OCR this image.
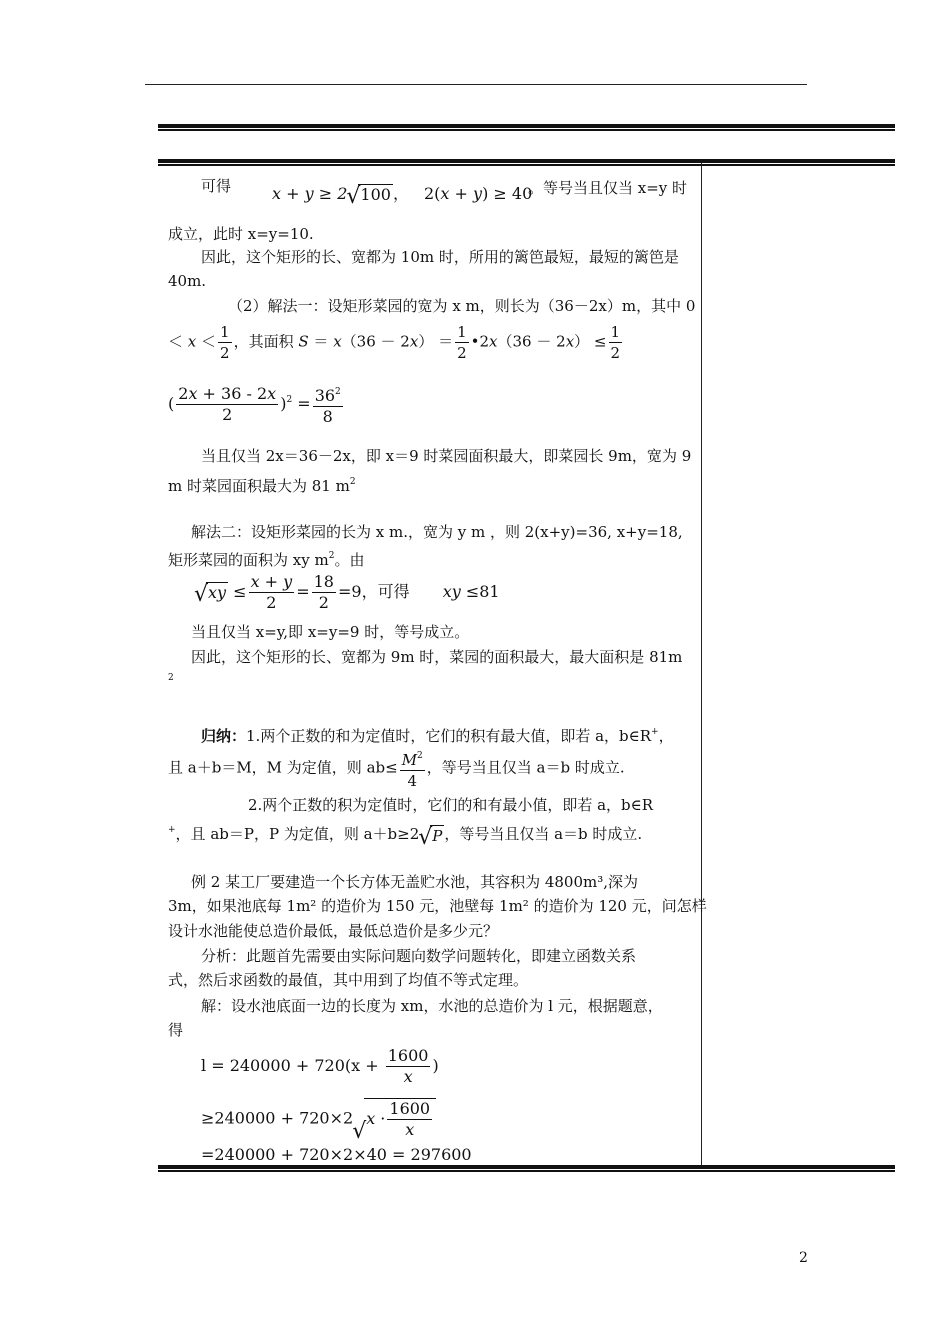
可得	x + y ≥ 2 √ 100 ， 2(x + y) ≥ 40
。等号当且仅当 x=y 时
成立，此时 x=y=10.
因此，这个矩形的长、宽都为 10m 时，所用的篱笆最短，最短的篱笆是
40m.
（2）解法一：设矩形菜园的宽为 x m，则长为（36－2x）m，其中 0
＜ $x < \frac{1}{2}$ ，其面积 $S = x(36 - 2x) = \frac{1}{2}$ •2x（36 － $2x) \le \frac{1}{2}$
( $\frac{2x + 36 - 2x}{2} )^2 = \frac{36^2}{8}$
当且仅当 2x＝36－2x，即 x＝9 时菜园面积最大，即菜园长 9m，宽为 9
m 时菜园面积最大为 81 $m^2$
解法二：设矩形菜园的长为 x m.，宽为 y m ，则 2(x+y)=36, x+y=18,
矩形菜园的面积为 xy $m^2$。由
√ xy ≤ $\frac{x + y}{2} = \frac{18}{2} =9$，可得 xy ≤81
当且仅当 x=y,即 x=y=9 时，等号成立。
因此，这个矩形的长、宽都为 9m 时，菜园的面积最大，最大面积是 81m
2
归纳：1.两个正数的和为定值时，它们的积有最大值，即若 a，b∈R+，
且 a＋b＝M，M 为定值，则 $ab\le \frac{M^2}{4}$ ，等号当且仅当 a＝b 时成立.
2.两个正数的积为定值时，它们的和有最小值，即若 a，b∈R
+，且 ab＝P，P 为定值，则 a＋b≥2 √ P ，等号当且仅当 a＝b 时成立.
例 2 某工厂要建造一个长方体无盖贮水池，其容积为 4800m³,深为
3m，如果池底每 1m² 的造价为 150 元，池壁每 1m² 的造价为 120 元，问怎样
设计水池能使总造价最低，最低总造价是多少元？
分析：此题首先需要由实际问题向数学问题转化，即建立函数关系
式，然后求函数的最值，其中用到了均值不等式定理。
解：设水池底面一边的长度为 xm，水池的总造价为 l 元，根据题意，
得
$l = 240000 + 720(x + \frac{1600}{x}$ )
≥240000 + 720×2 √ $x \cdot \frac{1600}{x}$
=240000 + 720×2×40 = 297600
2
